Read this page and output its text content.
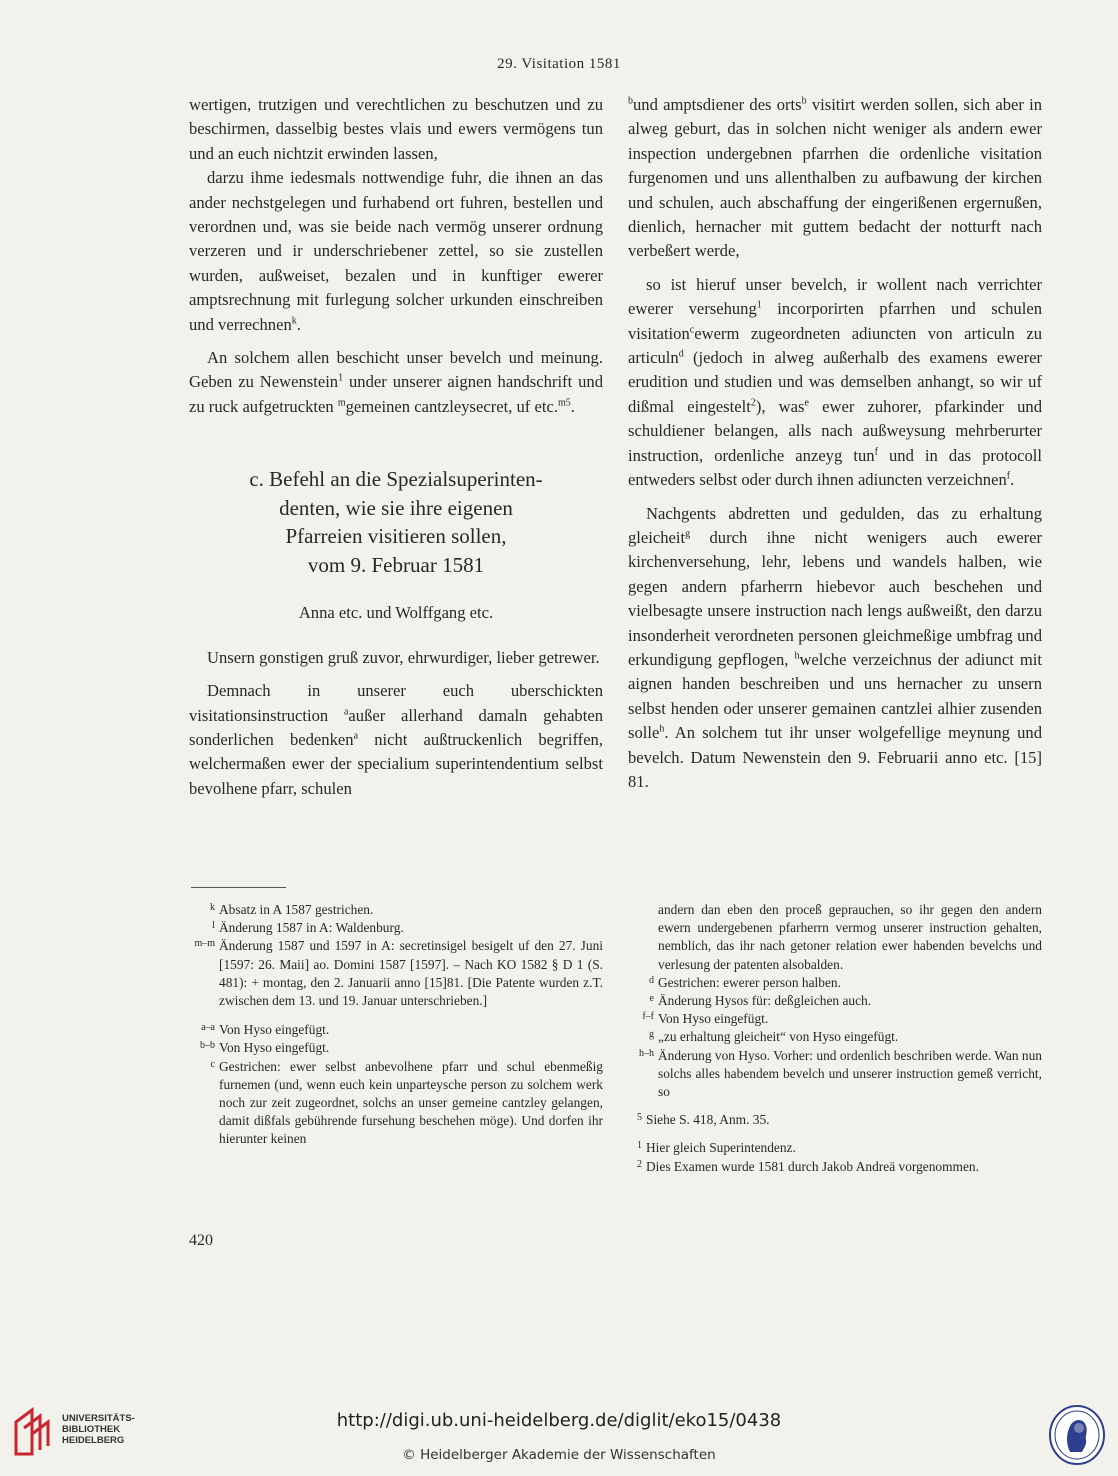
29. Visitation 1581

wertigen, trutzigen und verechtlichen zu beschutzen und zu beschirmen, dasselbig bestes vlais und ewers vermögens tun und an euch nichtzit erwinden lassen,

darzu ihme iedesmals nottwendige fuhr, die ihnen an das ander nechstgelegen und furhabend ort fuhren, bestellen und verordnen und, was sie beide nach vermög unserer ordnung verzeren und ir underschriebener zettel, so sie zustellen wurden, außweiset, bezalen und in kunftiger ewerer amptsrechnung mit furlegung solcher urkunden einschreiben und verrechnen$^k$.

An solchem allen beschicht unser bevelch und meinung. Geben zu Newenstein$^1$ under unserer aignen handschrift und zu ruck aufgetruckten $^m$gemeinen cantzleysecret, uf etc.$^{m5}$.

c. Befehl an die Spezialsuperinten-
denten, wie sie ihre eigenen
Pfarreien visitieren sollen,
vom 9. Februar 1581

Anna etc. und Wolffgang etc.

Unsern gonstigen gruß zuvor, ehrwurdiger, lieber getrewer.

Demnach in unserer euch uberschickten visitationsinstruction $^a$außer allerhand damaln gehabten sonderlichen bedenken$^a$ nicht außtruckenlich begriffen, welchermaßen ewer der specialium superintendentium selbst bevolhene pfarr, schulen

$^b$und amptsdiener des orts$^b$ visitirt werden sollen, sich aber in alweg geburt, das in solchen nicht weniger als andern ewer inspection undergebnen pfarrhen die ordenliche visitation furgenomen und uns allenthalben zu aufbawung der kirchen und schulen, auch abschaffung der eingerißenen ergernußen, dienlich, hernacher mit guttem bedacht der notturft nach verbeßert werde,

so ist hieruf unser bevelch, ir wollent nach verrichter ewerer versehung$^1$ incorporirten pfarrhen und schulen visitation$^c$ewerm zugeordneten adiuncten von articuln zu articuln$^d$ (jedoch in alweg außerhalb des examens ewerer erudition und studien und was demselben anhangt, so wir uf dißmal eingestelt$^2$), was$^e$ ewer zuhorer, pfarkinder und schuldiener belangen, alls nach außweysung mehrberurter instruction, ordenliche anzeyg tun$^f$ und in das protocoll entweders selbst oder durch ihnen adiuncten verzeichnen$^f$.

Nachgents abdretten und gedulden, das zu erhaltung gleicheit$^g$ durch ihne nicht wenigers auch ewerer kirchenversehung, lehr, lebens und wandels halben, wie gegen andern pfarherrn hiebevor auch beschehen und vielbesagte unsere instruction nach lengs außweißt, den darzu insonderheit verordneten personen gleichmeßige umbfrag und erkundigung gepflogen, $^h$welche verzeichnus der adiunct mit aignen handen beschreiben und uns hernacher zu unsern selbst henden oder unserer gemainen cantzlei alhier zusenden solle$^h$. An solchem tut ihr unser wolgefellige meynung und bevelch. Datum Newenstein den 9. Februarii anno etc. [15] 81.

k Absatz in A 1587 gestrichen.
l Änderung 1587 in A: Waldenburg.
m–m Änderung 1587 und 1597 in A: secretinsigel besigelt uf den 27. Juni [1597: 26. Maii] ao. Domini 1587 [1597]. – Nach KO 1582 § D 1 (S. 481): + montag, den 2. Januarii anno [15]81. [Die Patente wurden z.T. zwischen dem 13. und 19. Januar unterschrieben.]
a–a Von Hyso eingefügt.
b–b Von Hyso eingefügt.
c Gestrichen: ewer selbst anbevolhene pfarr und schul ebenmeßig furnemen (und, wenn euch kein unparteysche person zu solchem werk noch zur zeit zugeordnet, solchs an unser gemeine cantzley gelangen, damit dißfals gebührende fursehung beschehen möge). Und dorfen ihr hierunter keinen
andern dan eben den proceß geprauchen, so ihr gegen den andern ewern undergebenen pfarherrn vermog unserer instruction gehalten, nemblich, das ihr nach getoner relation ewer habenden bevelchs und verlesung der patenten alsobalden.
d Gestrichen: ewerer person halben.
e Änderung Hysos für: deßgleichen auch.
f–f Von Hyso eingefügt.
g „zu erhaltung gleicheit“ von Hyso eingefügt.
h–h Änderung von Hyso. Vorher: und ordenlich beschriben werde. Wan nun solchs alles habendem bevelch und unserer instruction gemeß verricht, so
5 Siehe S. 418, Anm. 35.
1 Hier gleich Superintendenz.
2 Dies Examen wurde 1581 durch Jakob Andreä vorgenommen.
420
UNIVERSITÄTS-
BIBLIOTHEK
HEIDELBERG
http://digi.ub.uni-heidelberg.de/diglit/eko15/0438
© Heidelberger Akademie der Wissenschaften
